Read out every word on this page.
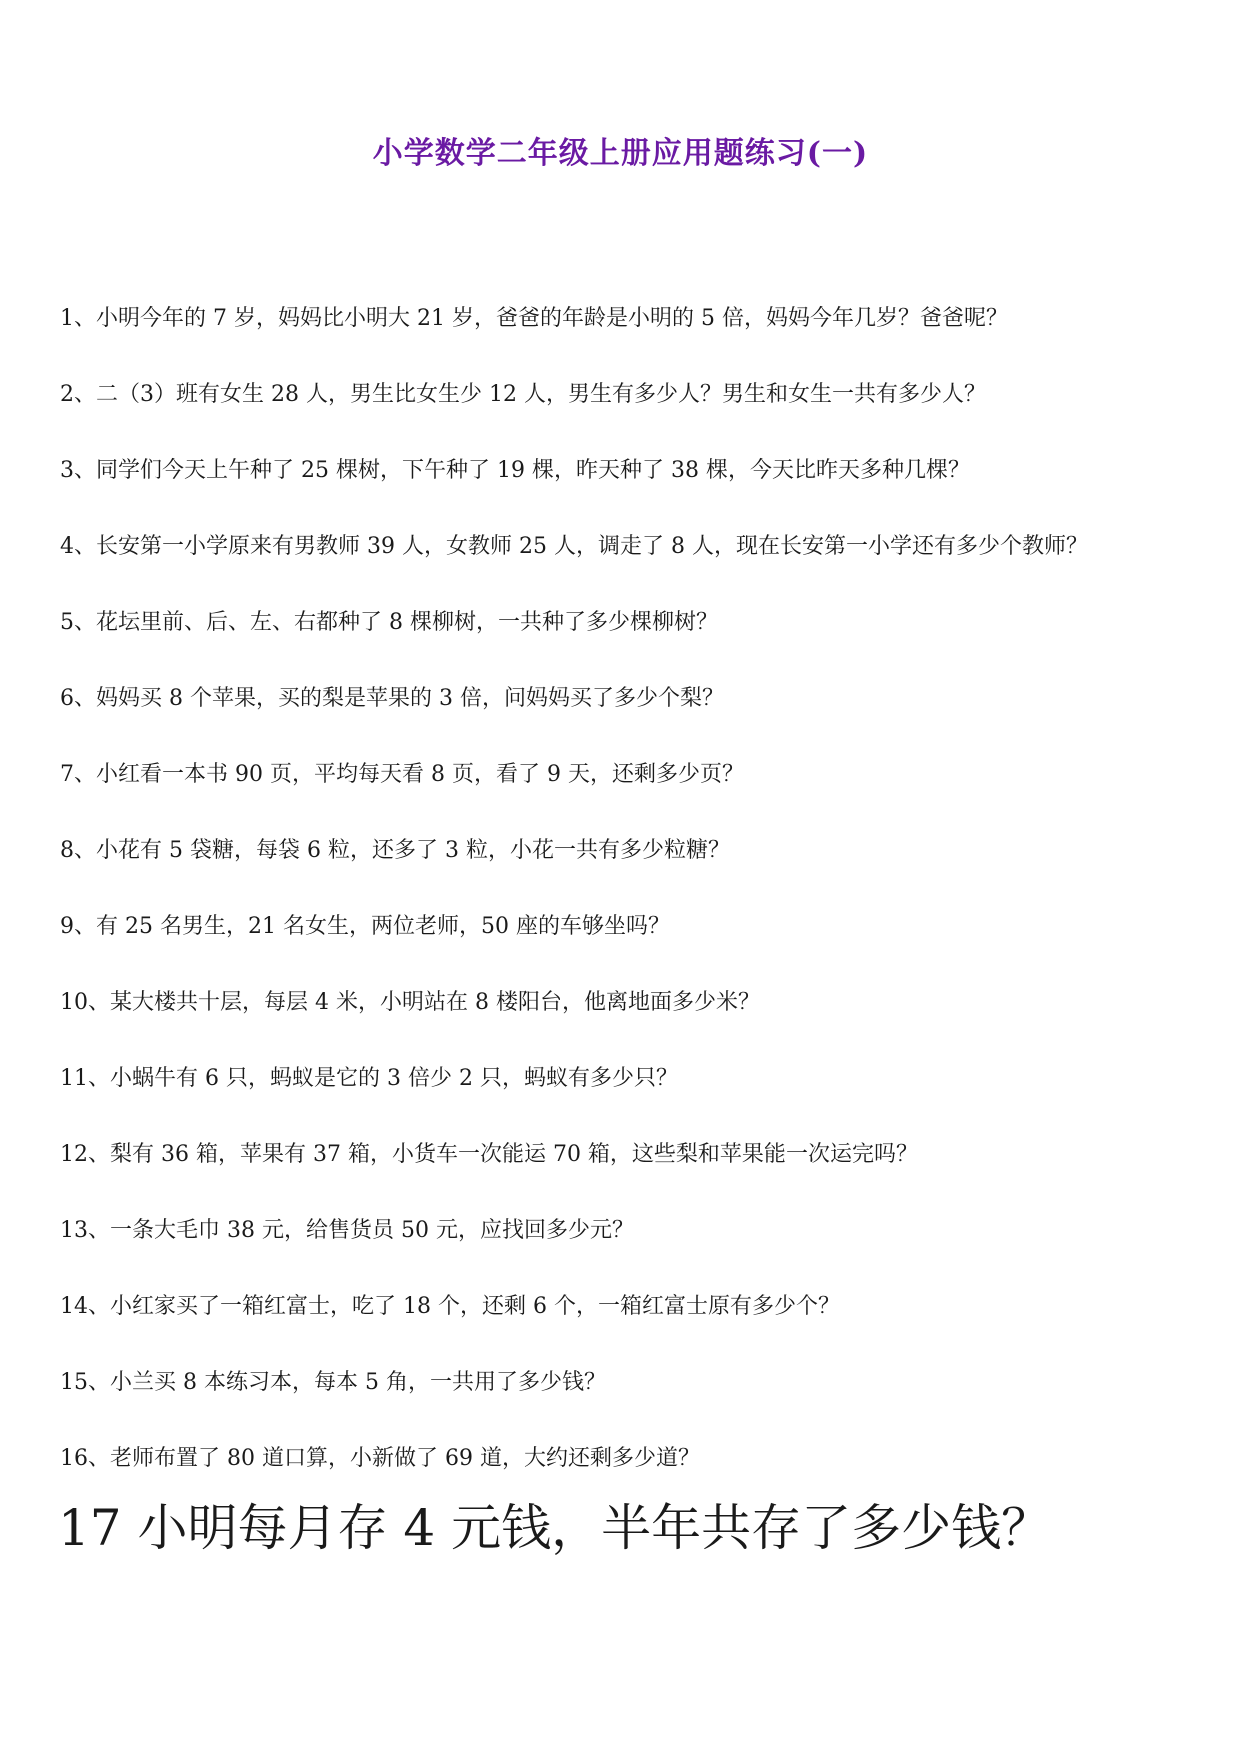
小学数学二年级上册应用题练习(一)
1、小明今年的 7 岁，妈妈比小明大 21 岁，爸爸的年龄是小明的 5 倍，妈妈今年几岁？爸爸呢？
2、二（3）班有女生 28 人，男生比女生少 12 人，男生有多少人？男生和女生一共有多少人？
3、同学们今天上午种了 25 棵树，下午种了 19 棵，昨天种了 38 棵，今天比昨天多种几棵？
4、长安第一小学原来有男教师 39 人，女教师 25 人，调走了 8 人，现在长安第一小学还有多少个教师？
5、花坛里前、后、左、右都种了 8 棵柳树，一共种了多少棵柳树？
6、妈妈买 8 个苹果，买的梨是苹果的 3 倍，问妈妈买了多少个梨？
7、小红看一本书 90 页，平均每天看 8 页，看了 9 天，还剩多少页？
8、小花有 5 袋糖，每袋 6 粒，还多了 3 粒，小花一共有多少粒糖？
9、有 25 名男生，21 名女生，两位老师，50 座的车够坐吗？
10、某大楼共十层，每层 4 米，小明站在 8 楼阳台，他离地面多少米？
11、小蜗牛有 6 只，蚂蚁是它的 3 倍少 2 只，蚂蚁有多少只？
12、梨有 36 箱，苹果有 37 箱，小货车一次能运 70 箱，这些梨和苹果能一次运完吗？
13、一条大毛巾 38 元，给售货员 50 元，应找回多少元？
14、小红家买了一箱红富士，吃了 18 个，还剩 6 个，一箱红富士原有多少个？
15、小兰买 8 本练习本，每本 5 角，一共用了多少钱？
16、老师布置了 80 道口算，小新做了 69 道，大约还剩多少道？

17 小明每月存 4 元钱，半年共存了多少钱？
